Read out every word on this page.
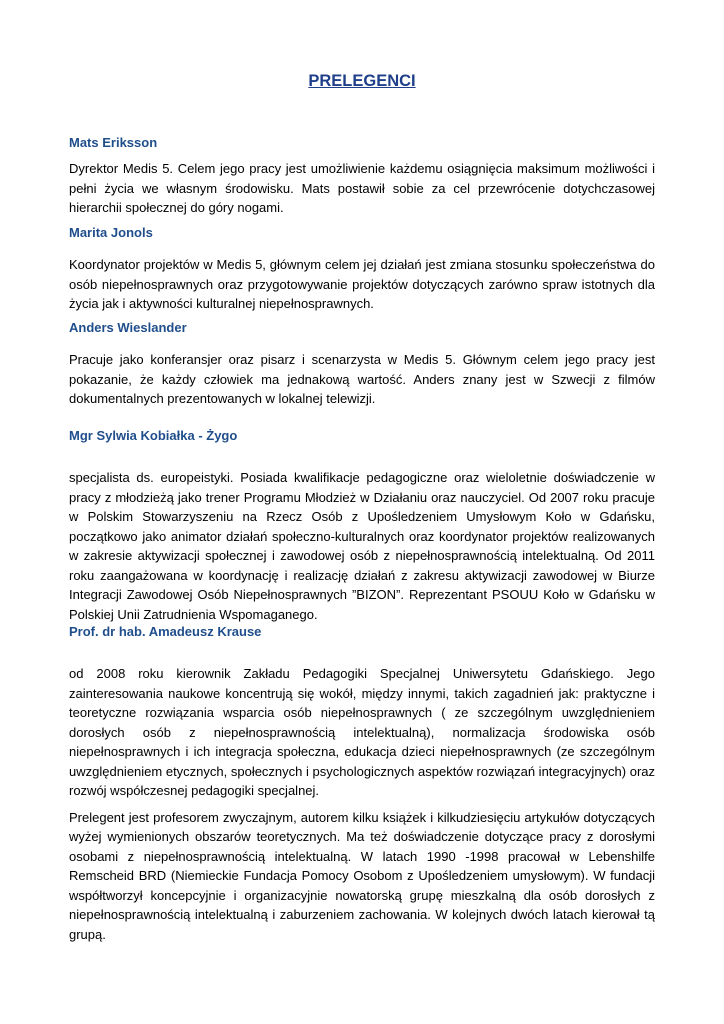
PRELEGENCI
Mats Eriksson

Dyrektor Medis 5. Celem jego pracy jest umożliwienie każdemu osiągnięcia maksimum możliwości i pełni życia we własnym środowisku. Mats postawił sobie za cel przewrócenie dotychczasowej hierarchii społecznej do góry nogami.

Marita Jonols

Koordynator projektów w Medis 5, głównym celem jej działań jest zmiana stosunku społeczeństwa do osób niepełnosprawnych oraz przygotowywanie projektów dotyczących zarówno spraw istotnych dla życia jak i aktywności kulturalnej niepełnosprawnych.

Anders Wieslander

Pracuje jako konferansjer oraz pisarz i scenarzysta w Medis 5. Głównym celem jego pracy jest pokazanie, że każdy człowiek ma jednakową wartość. Anders znany jest w Szwecji z filmów dokumentalnych prezentowanych w lokalnej telewizji.

Mgr Sylwia Kobiałka - Żygo

specjalista ds. europeistyki. Posiada kwalifikacje pedagogiczne oraz wieloletnie doświadczenie w pracy z młodzieżą jako trener Programu Młodzież w Działaniu oraz nauczyciel. Od 2007 roku pracuje w Polskim Stowarzyszeniu na Rzecz Osób z Upośledzeniem Umysłowym Koło w Gdańsku, początkowo jako animator działań społeczno-kulturalnych oraz koordynator projektów realizowanych w zakresie aktywizacji społecznej i zawodowej osób z niepełnosprawnością intelektualną. Od 2011 roku zaangażowana w koordynację i realizację działań z zakresu aktywizacji zawodowej w Biurze Integracji Zawodowej Osób Niepełnosprawnych ”BIZON”. Reprezentant PSOUU Koło w Gdańsku w Polskiej Unii Zatrudnienia Wspomaganego.

Prof. dr hab. Amadeusz Krause

od 2008 roku kierownik Zakładu Pedagogiki Specjalnej Uniwersytetu Gdańskiego. Jego zainteresowania naukowe koncentrują się wokół, między innymi, takich zagadnień jak: praktyczne i teoretyczne rozwiązania wsparcia osób niepełnosprawnych ( ze szczególnym uwzględnieniem dorosłych osób z niepełnosprawnością intelektualną), normalizacja środowiska osób niepełnosprawnych i ich integracja społeczna, edukacja dzieci niepełnosprawnych (ze szczególnym uwzględnieniem etycznych, społecznych i psychologicznych aspektów rozwiązań integracyjnych) oraz rozwój współczesnej pedagogiki specjalnej.

Prelegent jest profesorem zwyczajnym, autorem kilku książek i kilkudziesięciu artykułów dotyczących wyżej wymienionych obszarów teoretycznych. Ma też doświadczenie dotyczące pracy z dorosłymi osobami z niepełnosprawnością intelektualną. W latach 1990 -1998 pracował w Lebenshilfe Remscheid BRD (Niemieckie Fundacja Pomocy Osobom z Upośledzeniem umysłowym). W fundacji współtworzył koncepcyjnie i organizacyjnie nowatorską grupę mieszkalną dla osób dorosłych z niepełnosprawnością intelektualną i zaburzeniem zachowania. W kolejnych dwóch latach kierował tą grupą.
